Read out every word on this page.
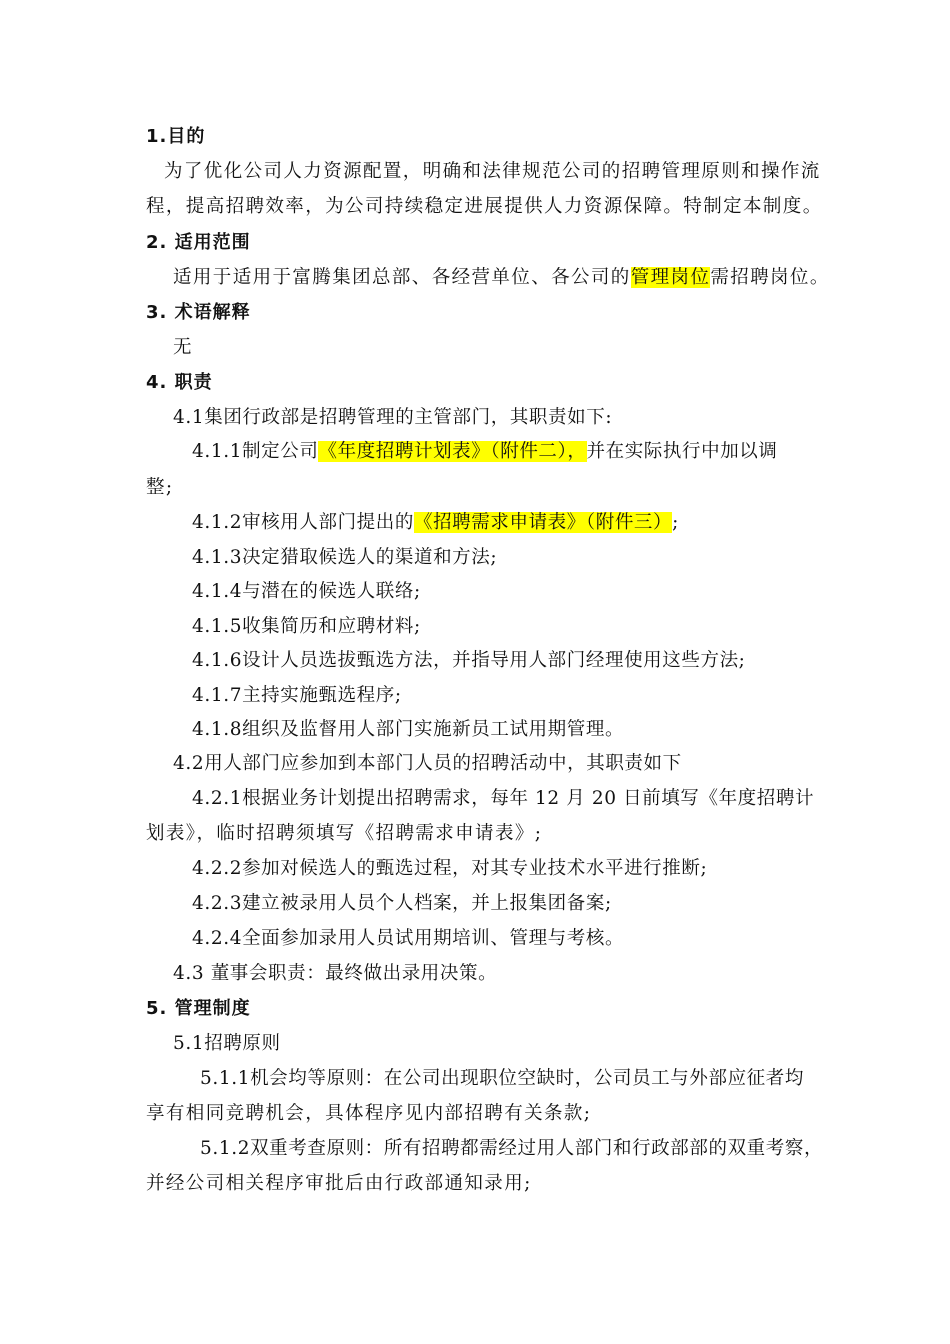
1.目的
为了优化公司人力资源配置，明确和法律规范公司的招聘管理原则和操作流
程，提高招聘效率，为公司持续稳定进展提供人力资源保障。特制定本制度。
2. 适用范围
适用于适用于富腾集团总部、各经营单位、各公司的管理岗位需招聘岗位。
3. 术语解释
无
4. 职责
4.1集团行政部是招聘管理的主管部门，其职责如下:
4.1.1制定公司《年度招聘计划表》（附件二），并在实际执行中加以调
整;
4.1.2审核用人部门提出的《招聘需求申请表》（附件三）;
4.1.3决定猎取候选人的渠道和方法;
4.1.4与潜在的候选人联络;
4.1.5收集简历和应聘材料;
4.1.6设计人员选拔甄选方法，并指导用人部门经理使用这些方法;
4.1.7主持实施甄选程序;
4.1.8组织及监督用人部门实施新员工试用期管理。
4.2用人部门应参加到本部门人员的招聘活动中，其职责如下
4.2.1根据业务计划提出招聘需求，每年 12 月 20 日前填写《年度招聘计
划表》，临时招聘须填写《招聘需求申请表》;
4.2.2参加对候选人的甄选过程，对其专业技术水平进行推断;
4.2.3建立被录用人员个人档案，并上报集团备案;
4.2.4全面参加录用人员试用期培训、管理与考核。
4.3 董事会职责：最终做出录用决策。
5. 管理制度
5.1招聘原则
5.1.1机会均等原则：在公司出现职位空缺时，公司员工与外部应征者均
享有相同竞聘机会，具体程序见内部招聘有关条款;
5.1.2双重考查原则：所有招聘都需经过用人部门和行政部部的双重考察，
并经公司相关程序审批后由行政部通知录用;
